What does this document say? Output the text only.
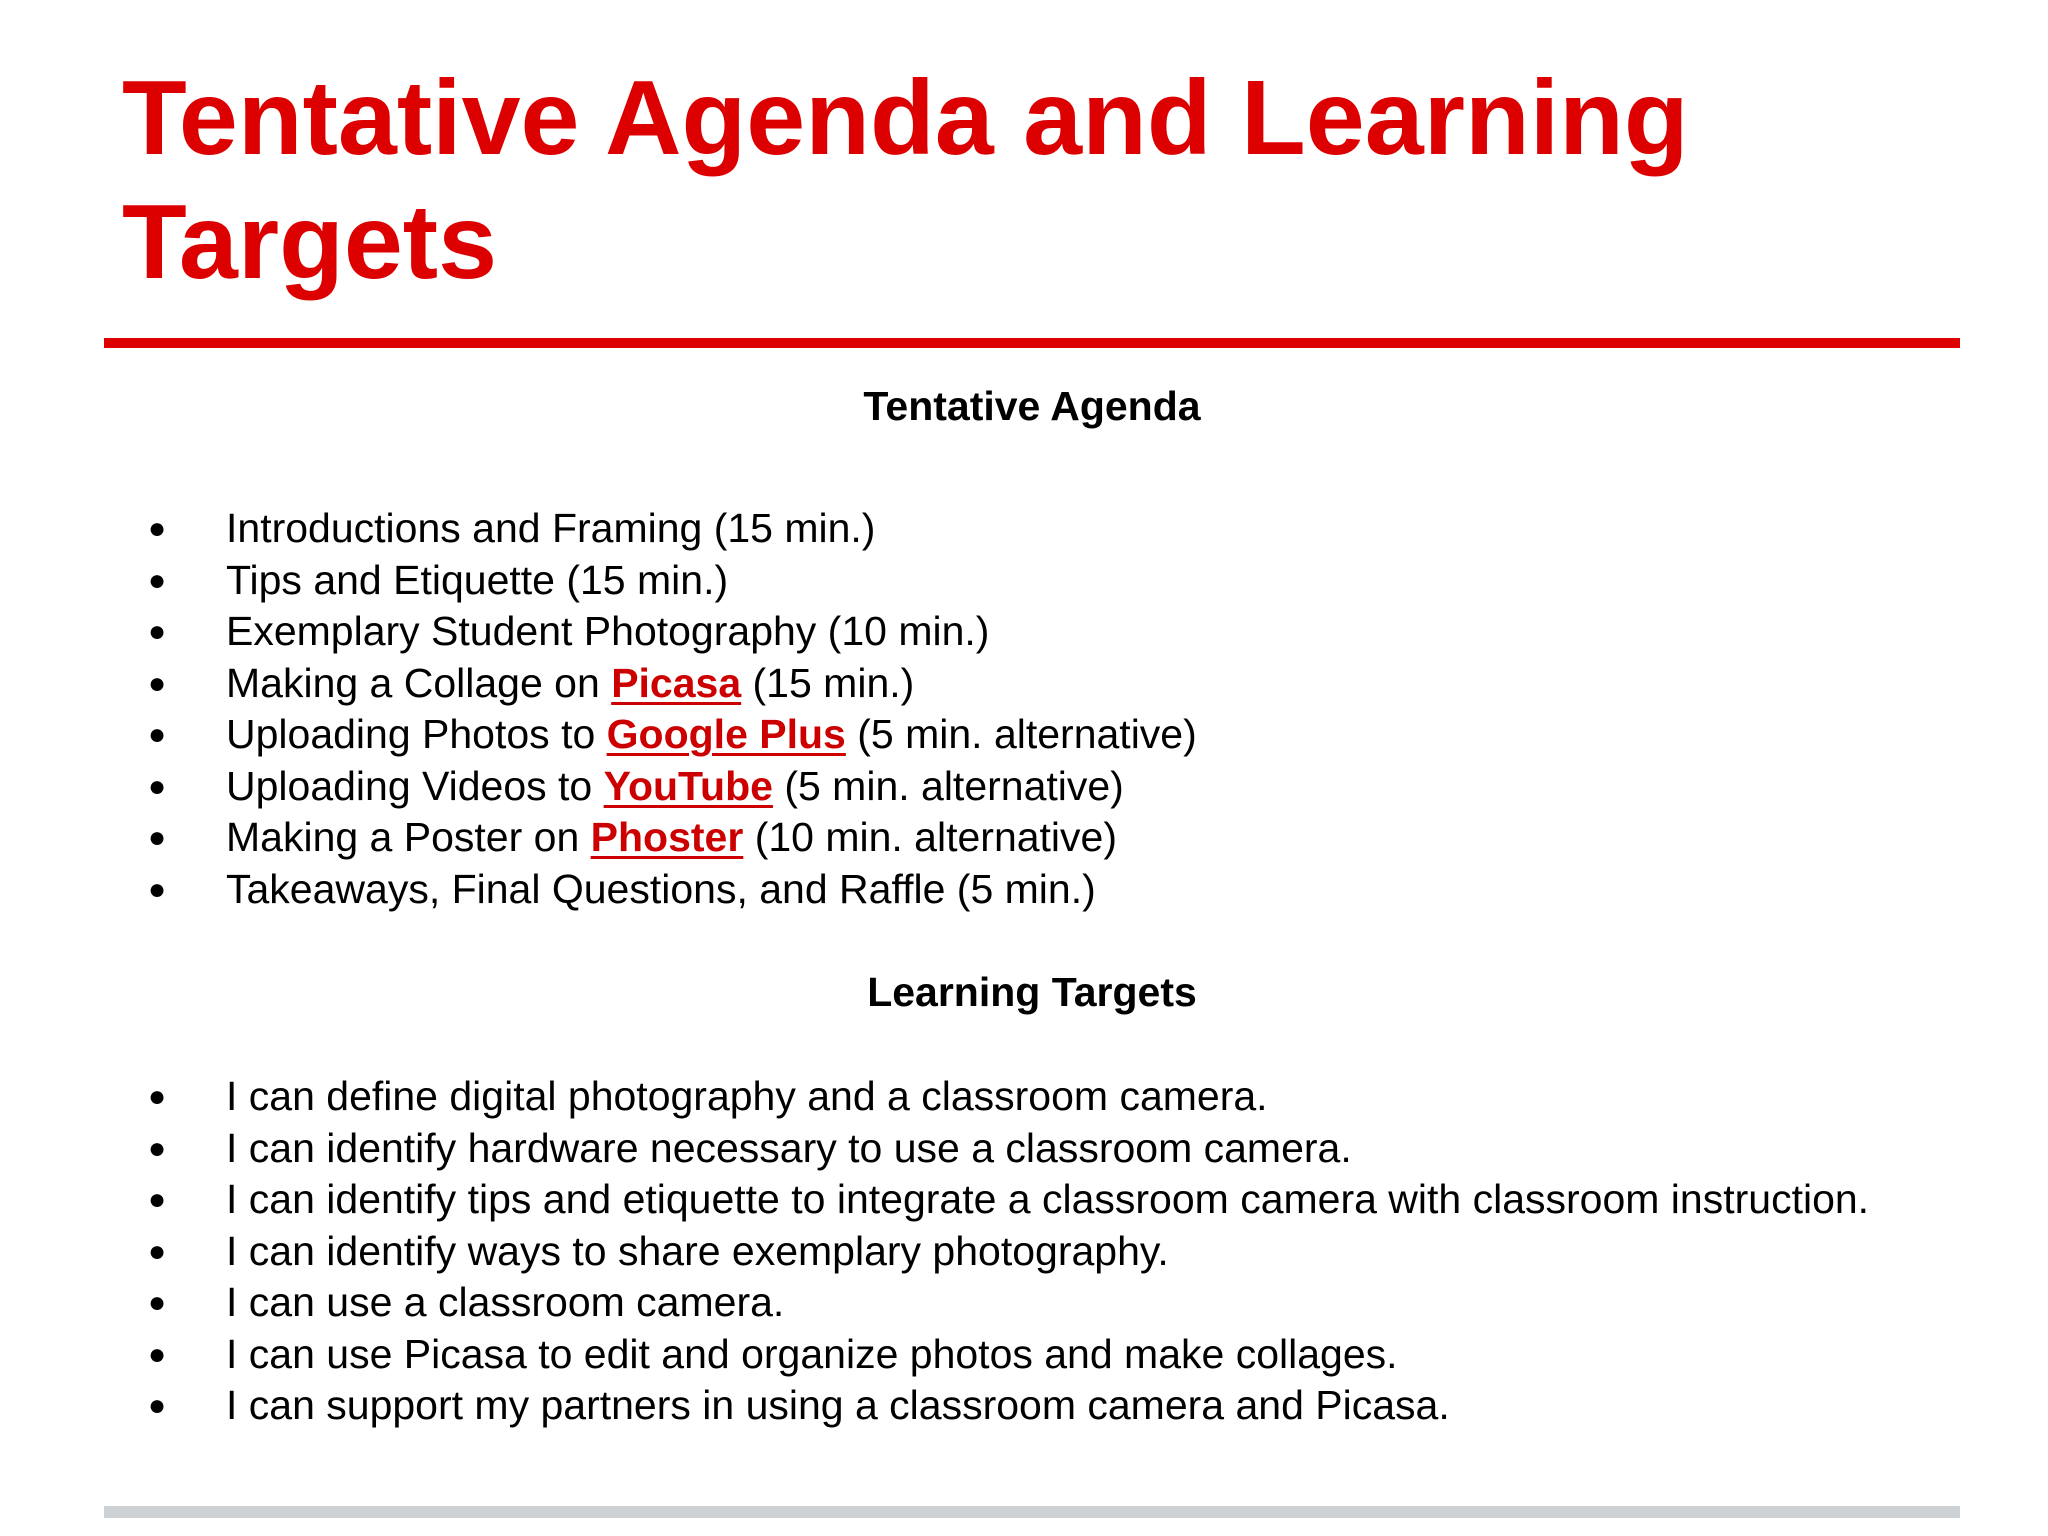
Tentative Agenda and Learning Targets
Tentative Agenda
● Introductions and Framing (15 min.)
● Tips and Etiquette (15 min.)
● Exemplary Student Photography (10 min.)
● Making a Collage on Picasa (15 min.)
● Uploading Photos to Google Plus (5 min. alternative)
● Uploading Videos to YouTube (5 min. alternative)
● Making a Poster on Phoster (10 min. alternative)
● Takeaways, Final Questions, and Raffle (5 min.)
Learning Targets
● I can define digital photography and a classroom camera.
● I can identify hardware necessary to use a classroom camera.
● I can identify tips and etiquette to integrate a classroom camera with classroom instruction.
● I can identify ways to share exemplary photography.
● I can use a classroom camera.
● I can use Picasa to edit and organize photos and make collages.
● I can support my partners in using a classroom camera and Picasa.
